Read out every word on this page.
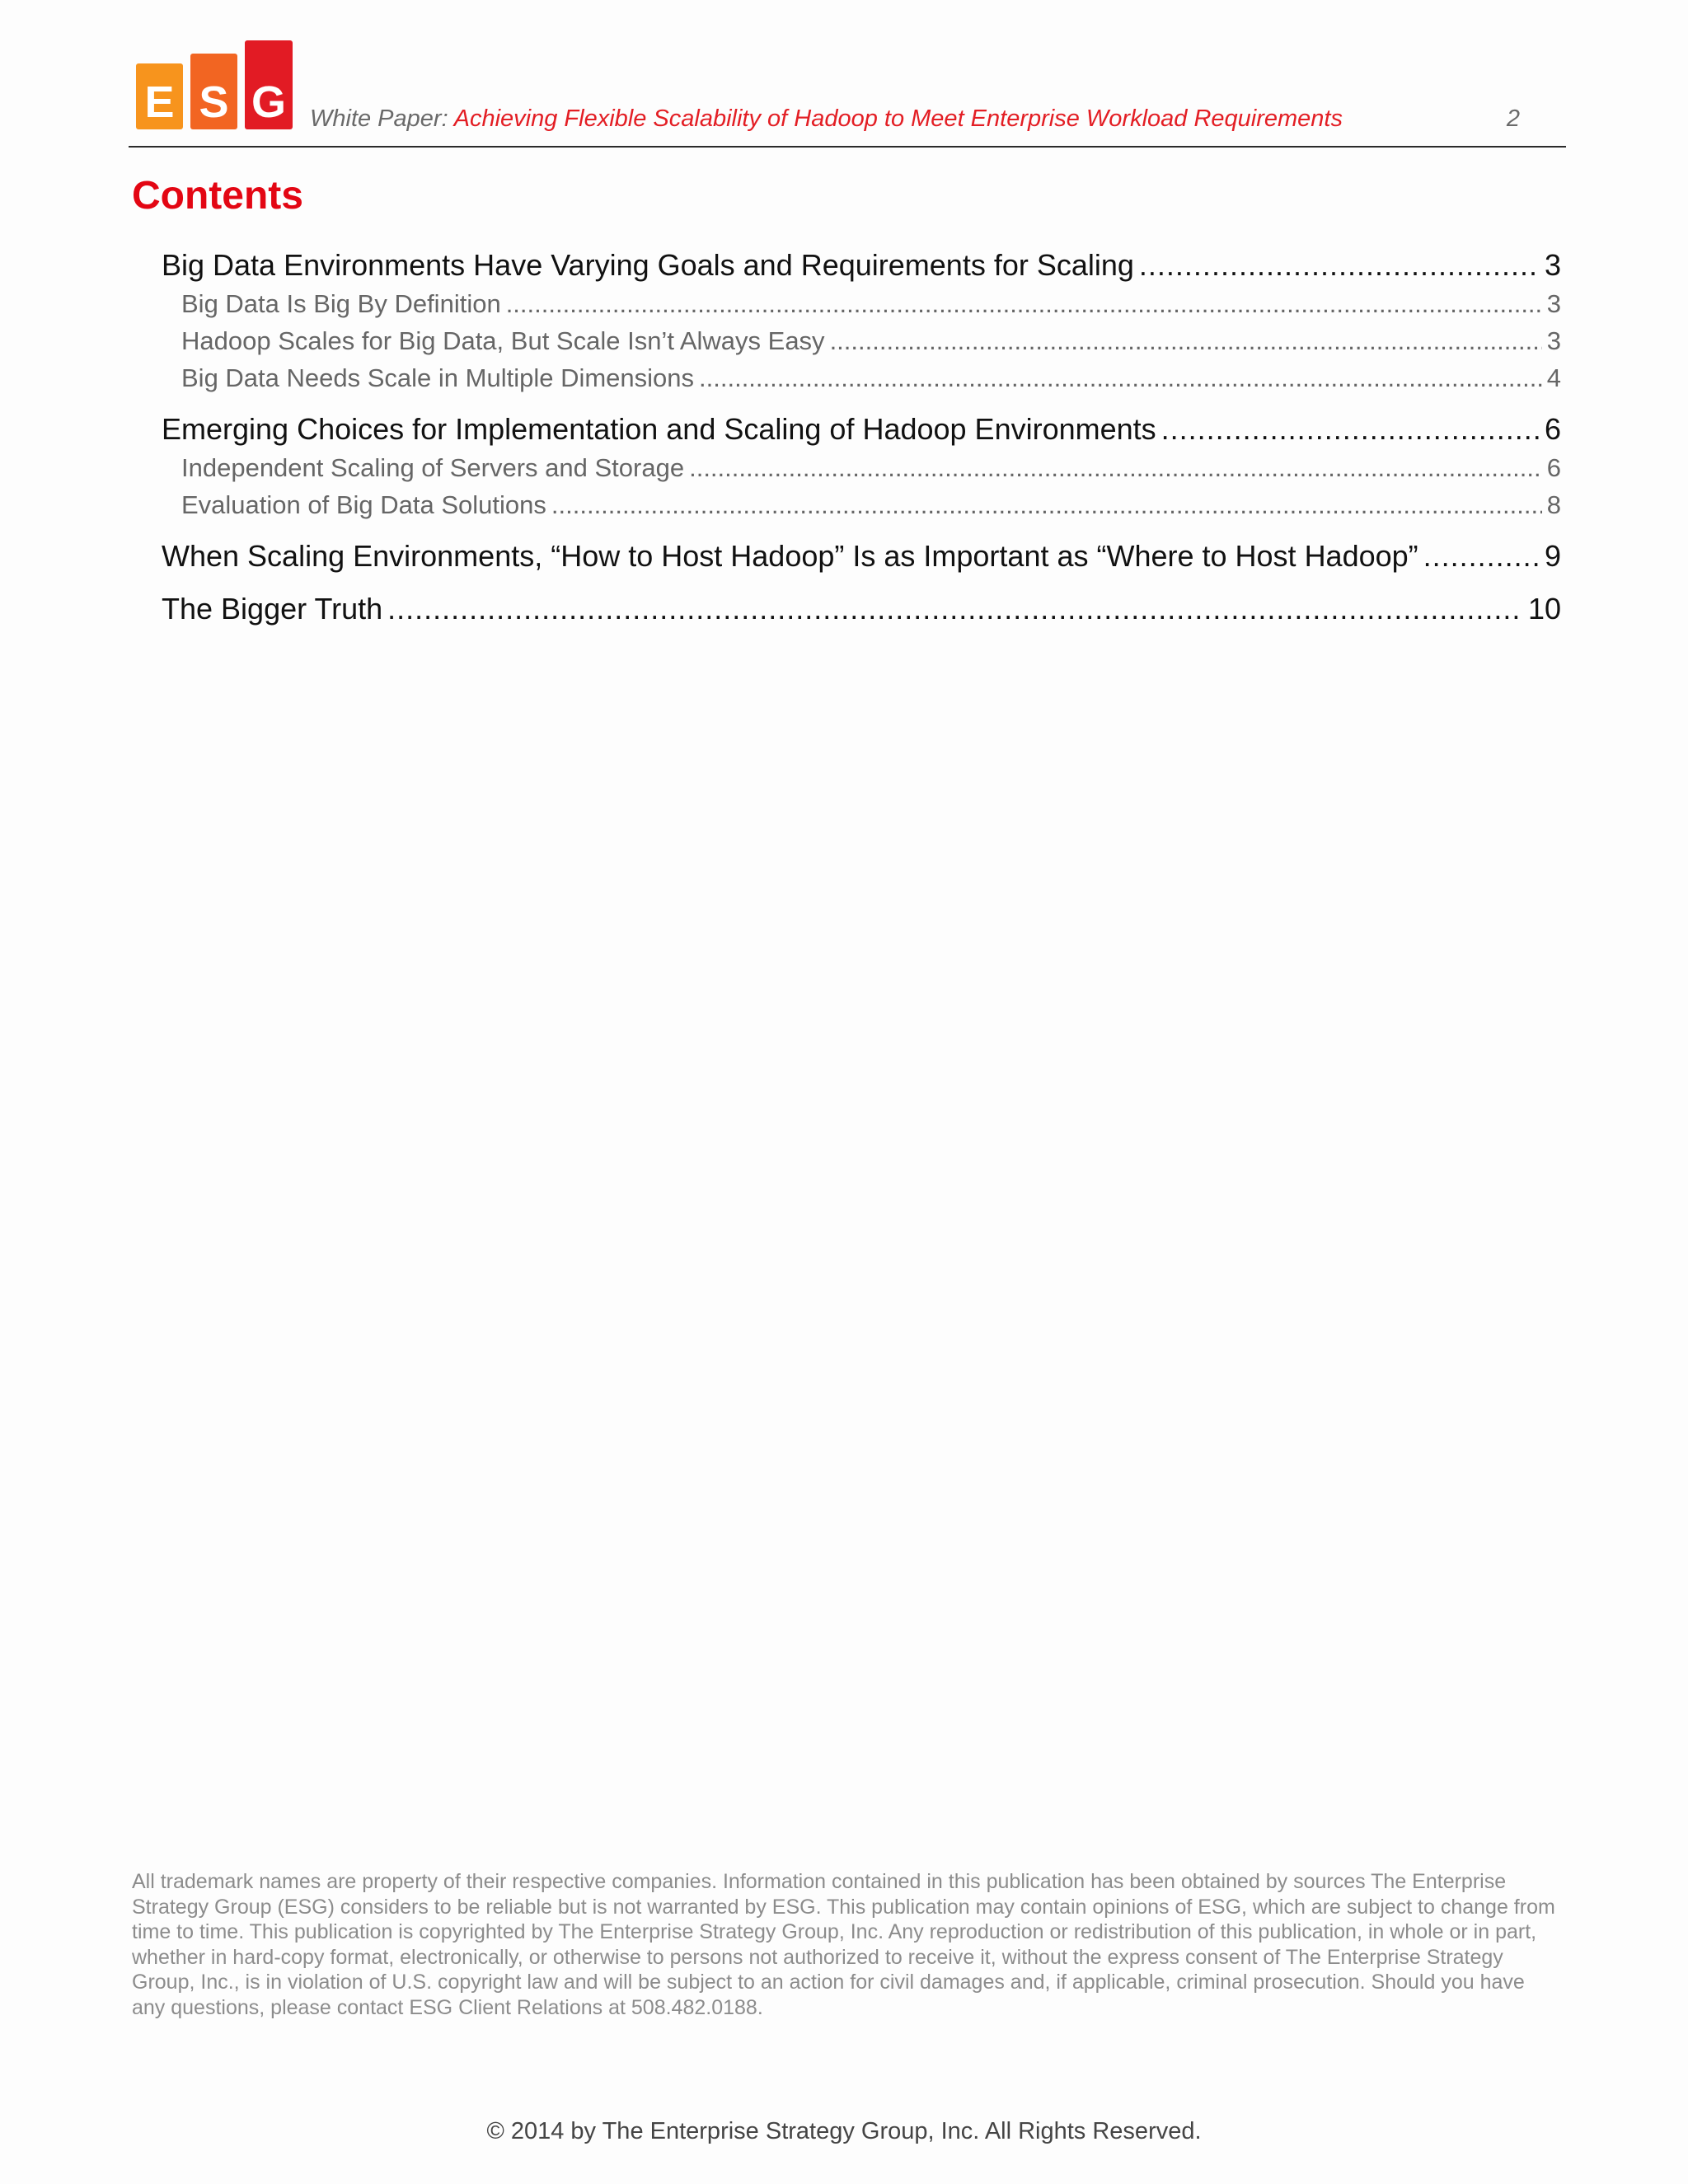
E S G White Paper: Achieving Flexible Scalability of Hadoop to Meet Enterprise Workload Requirements	2
Contents
Big Data Environments Have Varying Goals and Requirements for Scaling .....	3
Big Data Is Big By Definition .....	3
Hadoop Scales for Big Data, But Scale Isn’t Always Easy .....	3
Big Data Needs Scale in Multiple Dimensions .....	4
Emerging Choices for Implementation and Scaling of Hadoop Environments .....	6
Independent Scaling of Servers and Storage .....	6
Evaluation of Big Data Solutions .....	8
When Scaling Environments, “How to Host Hadoop” Is as Important as “Where to Host Hadoop” .....	9
The Bigger Truth .....	10

All trademark names are property of their respective companies. Information contained in this publication has been obtained by sources The Enterprise Strategy Group (ESG) considers to be reliable but is not warranted by ESG. This publication may contain opinions of ESG, which are subject to change from time to time. This publication is copyrighted by The Enterprise Strategy Group, Inc. Any reproduction or redistribution of this publication, in whole or in part, whether in hard-copy format, electronically, or otherwise to persons not authorized to receive it, without the express consent of The Enterprise Strategy Group, Inc., is in violation of U.S. copyright law and will be subject to an action for civil damages and, if applicable, criminal prosecution. Should you have any questions, please contact ESG Client Relations at 508.482.0188.

© 2014 by The Enterprise Strategy Group, Inc. All Rights Reserved.
